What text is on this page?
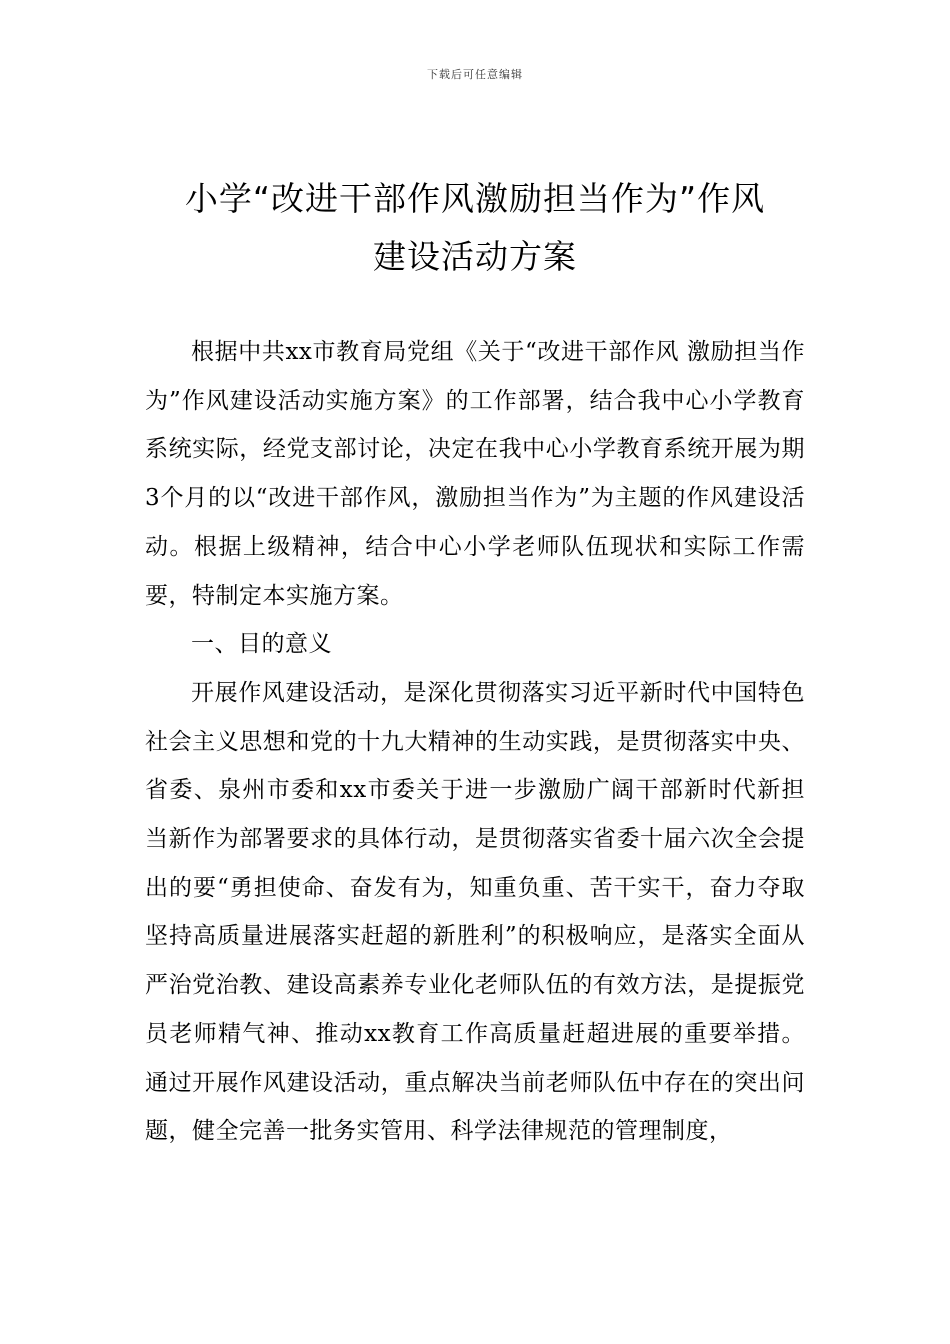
下载后可任意编辑
小学“改进干部作风激励担当作为”作风
建设活动方案

根据中共xx市教育局党组《关于“改进干部作风 激励担当作为”作风建设活动实施方案》的工作部署，结合我中心小学教育系统实际，经党支部讨论，决定在我中心小学教育系统开展为期3个月的以“改进干部作风，激励担当作为”为主题的作风建设活动。根据上级精神，结合中心小学老师队伍现状和实际工作需要，特制定本实施方案。

一、目的意义

开展作风建设活动，是深化贯彻落实习近平新时代中国特色社会主义思想和党的十九大精神的生动实践，是贯彻落实中央、省委、泉州市委和xx市委关于进一步激励广阔干部新时代新担当新作为部署要求的具体行动，是贯彻落实省委十届六次全会提出的要“勇担使命、奋发有为，知重负重、苦干实干，奋力夺取坚持高质量进展落实赶超的新胜利”的积极响应，是落实全面从严治党治教、建设高素养专业化老师队伍的有效方法，是提振党员老师精气神、推动xx教育工作高质量赶超进展的重要举措。通过开展作风建设活动，重点解决当前老师队伍中存在的突出问题，健全完善一批务实管用、科学法律规范的管理制度，
